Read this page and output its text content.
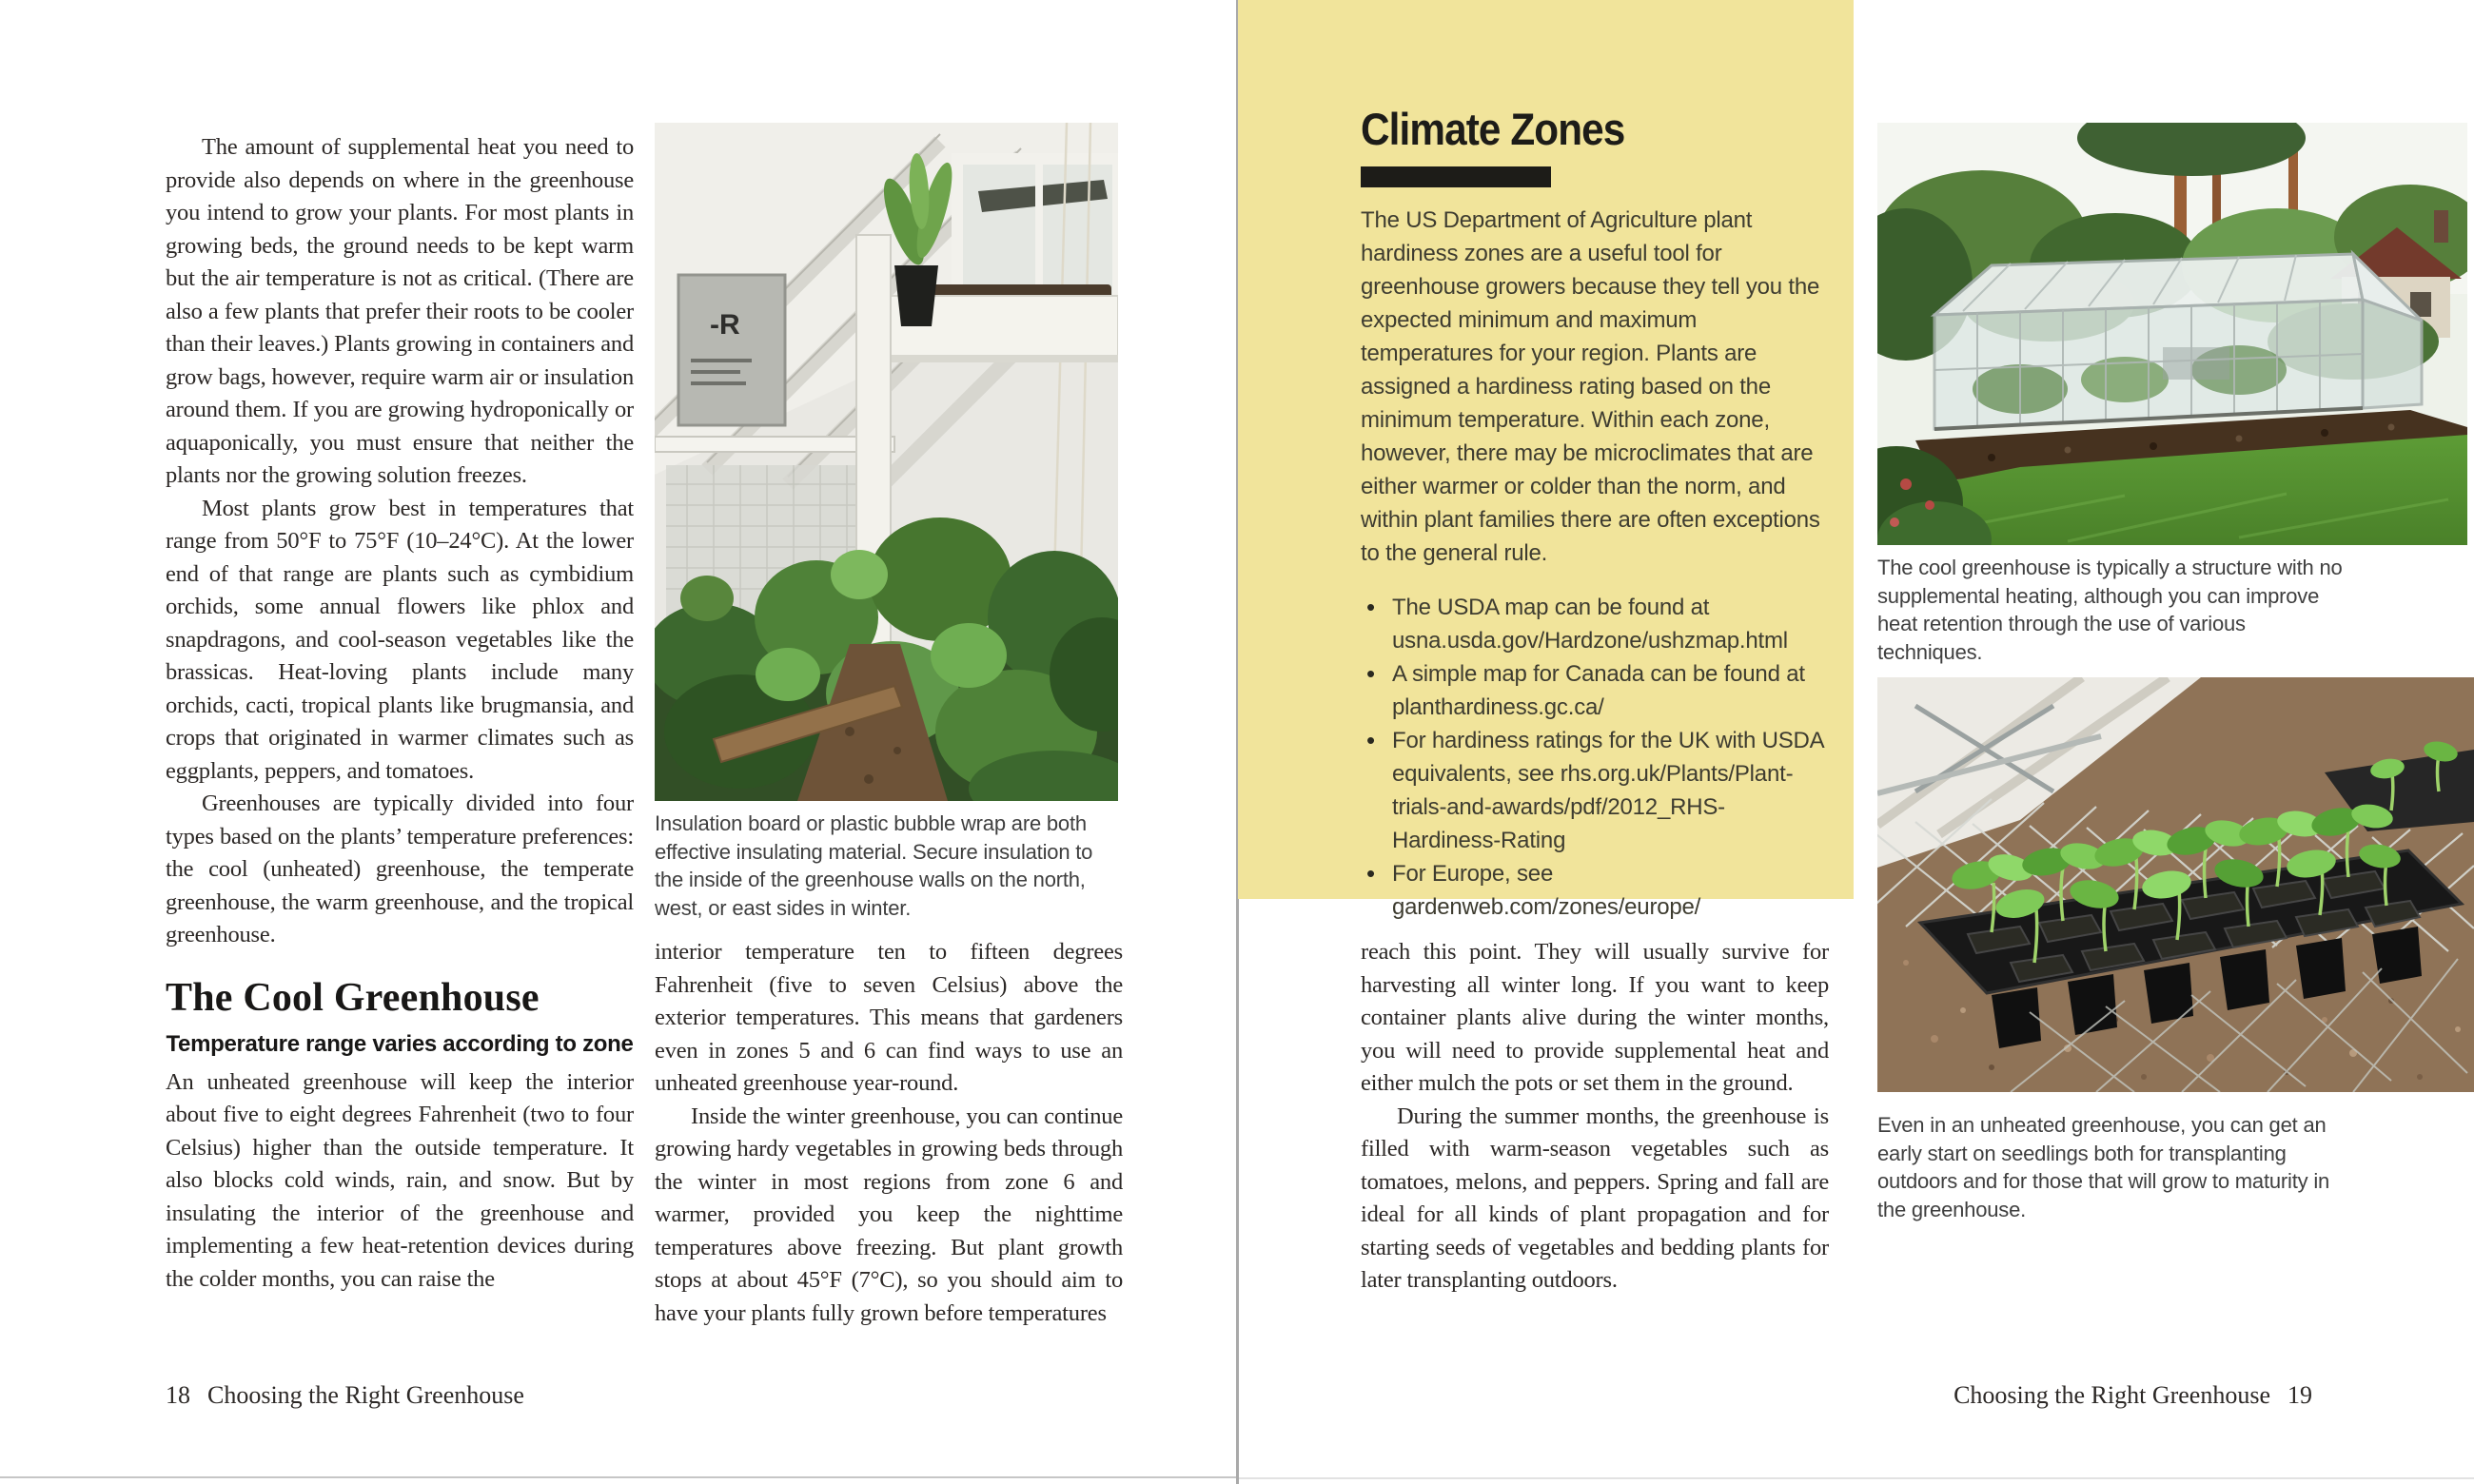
The amount of supplemental heat you need to provide also depends on where in the greenhouse you intend to grow your plants. For most plants in growing beds, the ground needs to be kept warm but the air temperature is not as critical. (There are also a few plants that prefer their roots to be cooler than their leaves.) Plants growing in containers and grow bags, however, require warm air or insulation around them. If you are growing hydroponically or aquaponically, you must ensure that neither the plants nor the growing solution freezes.

Most plants grow best in temperatures that range from 50°F to 75°F (10–24°C). At the lower end of that range are plants such as cymbidium orchids, some annual flowers like phlox and snapdragons, and cool-season vegetables like the brassicas. Heat-loving plants include many orchids, cacti, tropical plants like brugmansia, and crops that originated in warmer climates such as eggplants, peppers, and tomatoes.

Greenhouses are typically divided into four types based on the plants’ temperature preferences: the cool (unheated) greenhouse, the temperate greenhouse, the warm greenhouse, and the tropical greenhouse.

The Cool Greenhouse
Temperature range varies according to zone

An unheated greenhouse will keep the interior about five to eight degrees Fahrenheit (two to four Celsius) higher than the outside temperature. It also blocks cold winds, rain, and snow. But by insulating the interior of the greenhouse and implementing a few heat-retention devices during the colder months, you can raise the

-R

Insulation board or plastic bubble wrap are both effective insulating material. Secure insulation to the inside of the greenhouse walls on the north, west, or east sides in winter.

interior temperature ten to fifteen degrees Fahrenheit (five to seven Celsius) above the exterior temperatures. This means that gardeners even in zones 5 and 6 can find ways to use an unheated greenhouse year-round.

Inside the winter greenhouse, you can continue growing hardy vegetables in growing beds through the winter in most regions from zone 6 and warmer, provided you keep the nighttime temperatures above freezing. But plant growth stops at about 45°F (7°C), so you should aim to have your plants fully grown before temperatures

18 Choosing the Right Greenhouse
Climate Zones

The US Department of Agriculture plant hardiness zones are a useful tool for greenhouse growers because they tell you the expected minimum and maximum temperatures for your region. Plants are assigned a hardiness rating based on the minimum temperature. Within each zone, however, there may be microclimates that are either warmer or colder than the norm, and within plant families there are often exceptions to the general rule.

• The USDA map can be found at usna.usda.gov/Hardzone/ushzmap.html
• A simple map for Canada can be found at planthardiness.gc.ca/
• For hardiness ratings for the UK with USDA equivalents, see rhs.org.uk/Plants/Plant-trials-and-awards/pdf/2012_RHS-Hardiness-Rating
• For Europe, see gardenweb.com/zones/europe/

The cool greenhouse is typically a structure with no supplemental heating, although you can improve heat retention through the use of various techniques.

Even in an unheated greenhouse, you can get an early start on seedlings both for transplanting outdoors and for those that will grow to maturity in the greenhouse.

reach this point. They will usually survive for harvesting all winter long. If you want to keep container plants alive during the winter months, you will need to provide supplemental heat and either mulch the pots or set them in the ground.

During the summer months, the greenhouse is filled with warm-season vegetables such as tomatoes, melons, and peppers. Spring and fall are ideal for all kinds of plant propagation and for starting seeds of vegetables and bedding plants for later transplanting outdoors.

Choosing the Right Greenhouse 19
